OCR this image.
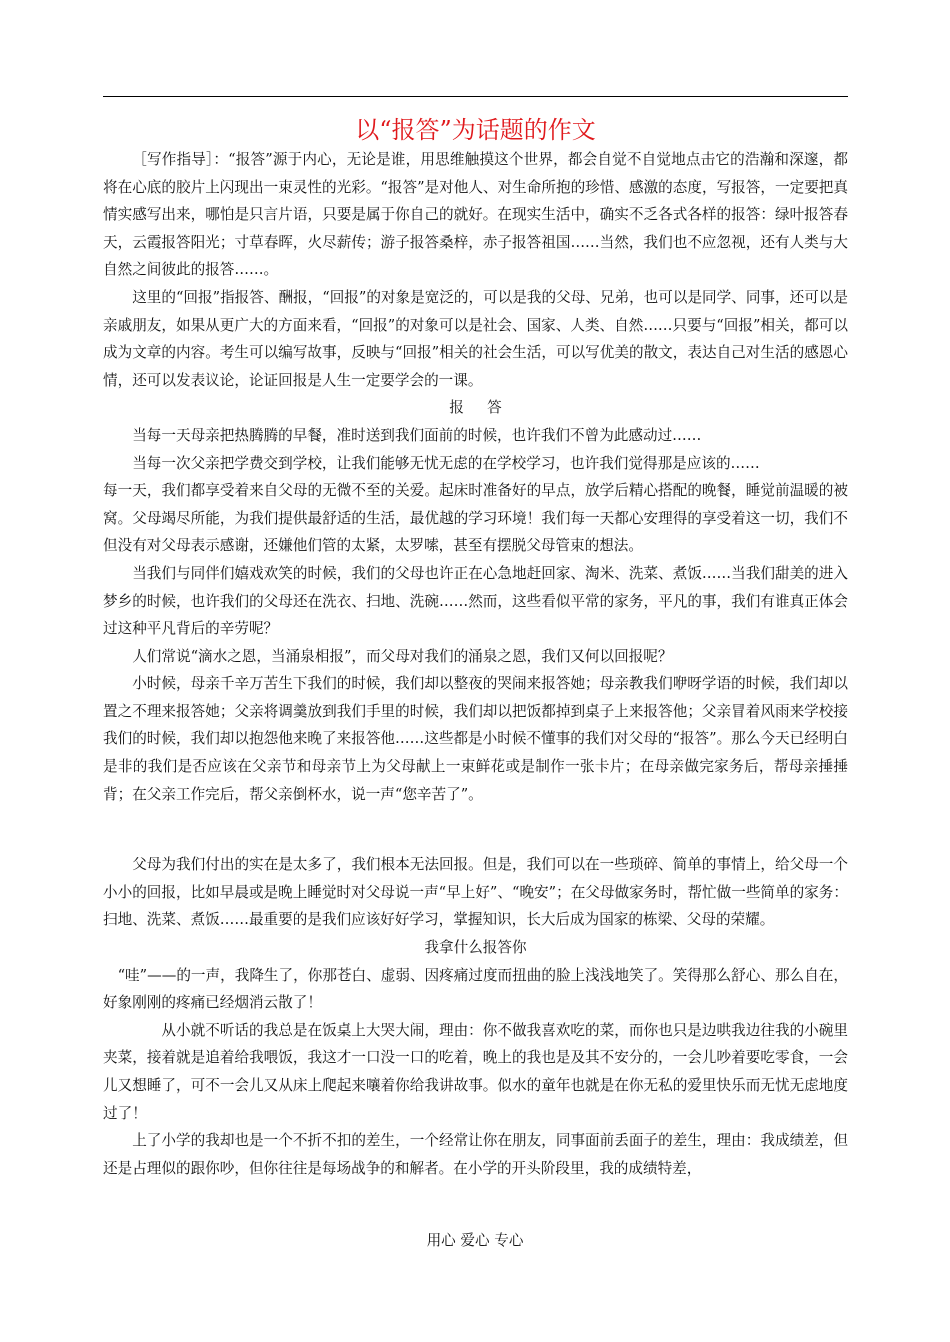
以“报答”为话题的作文

［写作指导］：“报答”源于内心，无论是谁，用思维触摸这个世界，都会自觉不自觉地点击它的浩瀚和深邃，都将在心底的胶片上闪现出一束灵性的光彩。“报答”是对他人、对生命所抱的珍惜、感激的态度，写报答，一定要把真情实感写出来，哪怕是只言片语，只要是属于你自己的就好。在现实生活中，确实不乏各式各样的报答：绿叶报答春天，云霞报答阳光；寸草春晖，火尽薪传；游子报答桑梓，赤子报答祖国……当然，我们也不应忽视，还有人类与大自然之间彼此的报答……。

这里的“回报”指报答、酬报，“回报”的对象是宽泛的，可以是我的父母、兄弟，也可以是同学、同事，还可以是亲戚朋友，如果从更广大的方面来看，“回报”的对象可以是社会、国家、人类、自然……只要与“回报”相关，都可以成为文章的内容。考生可以编写故事，反映与“回报”相关的社会生活，可以写优美的散文，表达自己对生活的感恩心情，还可以发表议论，论证回报是人生一定要学会的一课。

报答

当每一天母亲把热腾腾的早餐，准时送到我们面前的时候，也许我们不曾为此感动过……

当每一次父亲把学费交到学校，让我们能够无忧无虑的在学校学习，也许我们觉得那是应该的……

每一天，我们都享受着来自父母的无微不至的关爱。起床时准备好的早点，放学后精心搭配的晚餐，睡觉前温暖的被窝。父母竭尽所能，为我们提供最舒适的生活，最优越的学习环境！我们每一天都心安理得的享受着这一切，我们不但没有对父母表示感谢，还嫌他们管的太紧，太罗嗦，甚至有摆脱父母管束的想法。

当我们与同伴们嬉戏欢笑的时候，我们的父母也许正在心急地赶回家、淘米、洗菜、煮饭……当我们甜美的进入梦乡的时候，也许我们的父母还在洗衣、扫地、洗碗……然而，这些看似平常的家务，平凡的事，我们有谁真正体会过这种平凡背后的辛劳呢？

人们常说“滴水之恩，当涌泉相报”，而父母对我们的涌泉之恩，我们又何以回报呢？

小时候，母亲千辛万苦生下我们的时候，我们却以整夜的哭闹来报答她；母亲教我们咿呀学语的时候，我们却以置之不理来报答她；父亲将调羹放到我们手里的时候，我们却以把饭都掉到桌子上来报答他；父亲冒着风雨来学校接我们的时候，我们却以抱怨他来晚了来报答他……这些都是小时候不懂事的我们对父母的“报答”。那么今天已经明白是非的我们是否应该在父亲节和母亲节上为父母献上一束鲜花或是制作一张卡片；在母亲做完家务后，帮母亲捶捶背；在父亲工作完后，帮父亲倒杯水，说一声“您辛苦了”。

父母为我们付出的实在是太多了，我们根本无法回报。但是，我们可以在一些琐碎、简单的事情上，给父母一个小小的回报，比如早晨或是晚上睡觉时对父母说一声“早上好”、“晚安”；在父母做家务时，帮忙做一些简单的家务：扫地、洗菜、煮饭……最重要的是我们应该好好学习，掌握知识，长大后成为国家的栋梁、父母的荣耀。

我拿什么报答你

“哇”——的一声，我降生了，你那苍白、虚弱、因疼痛过度而扭曲的脸上浅浅地笑了。笑得那么舒心、那么自在，好象刚刚的疼痛已经烟消云散了！

从小就不听话的我总是在饭桌上大哭大闹，理由：你不做我喜欢吃的菜，而你也只是边哄我边往我的小碗里夹菜，接着就是追着给我喂饭，我这才一口没一口的吃着，晚上的我也是及其不安分的，一会儿吵着要吃零食，一会儿又想睡了，可不一会儿又从床上爬起来嚷着你给我讲故事。似水的童年也就是在你无私的爱里快乐而无忧无虑地度过了！

上了小学的我却也是一个不折不扣的差生，一个经常让你在朋友，同事面前丢面子的差生，理由：我成绩差，但还是占理似的跟你吵，但你往往是每场战争的和解者。在小学的开头阶段里，我的成绩特差，

用心 爱心 专心
